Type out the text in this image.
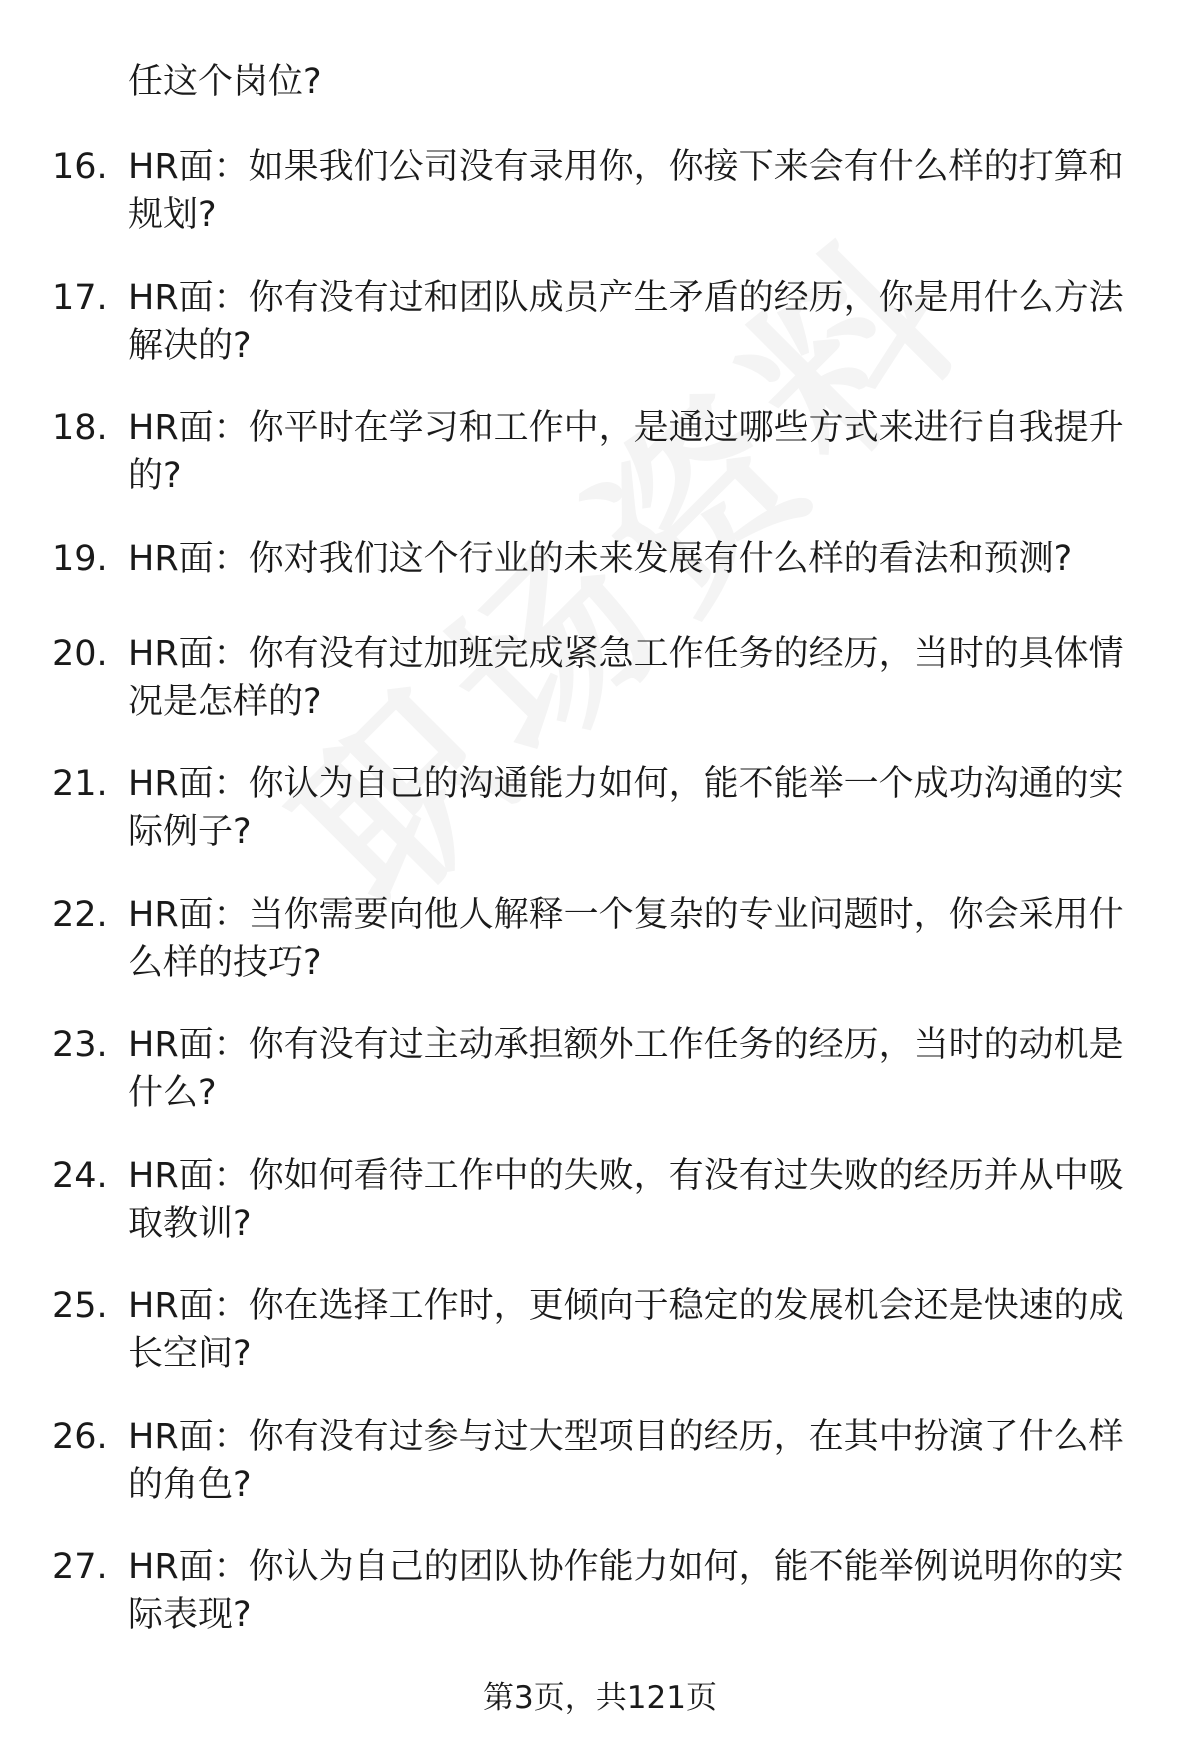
任这个岗位?
16. HR面：如果我们公司没有录用你，你接下来会有什么样的打算和规划?
17. HR面：你有没有过和团队成员产生矛盾的经历，你是用什么方法解决的?
18. HR面：你平时在学习和工作中，是通过哪些方式来进行自我提升的?
19. HR面：你对我们这个行业的未来发展有什么样的看法和预测?
20. HR面：你有没有过加班完成紧急工作任务的经历，当时的具体情况是怎样的?
21. HR面：你认为自己的沟通能力如何，能不能举一个成功沟通的实际例子?
22. HR面：当你需要向他人解释一个复杂的专业问题时，你会采用什么样的技巧?
23. HR面：你有没有过主动承担额外工作任务的经历，当时的动机是什么?
24. HR面：你如何看待工作中的失败，有没有过失败的经历并从中吸取教训?
25. HR面：你在选择工作时，更倾向于稳定的发展机会还是快速的成长空间?
26. HR面：你有没有过参与过大型项目的经历，在其中扮演了什么样的角色?
27. HR面：你认为自己的团队协作能力如何，能不能举例说明你的实际表现?
第3页，共121页
